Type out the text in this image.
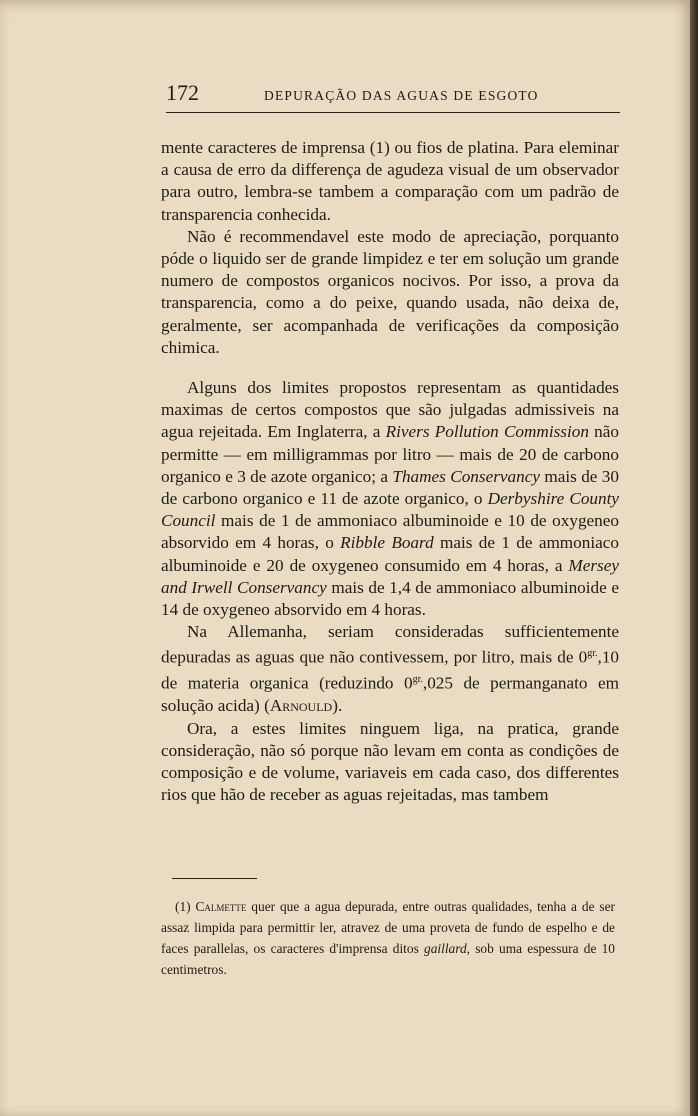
172	DEPURAÇÃO DAS AGUAS DE ESGOTO

mente caracteres de imprensa (1) ou fios de platina. Para eleminar a causa de erro da differença de agudeza visual de um observador para outro, lembra-se tambem a comparação com um padrão de transparencia conhecida.

Não é recommendavel este modo de apreciação, porquanto póde o liquido ser de grande limpidez e ter em solução um grande numero de compostos organicos nocivos. Por isso, a prova da transparencia, como a do peixe, quando usada, não deixa de, geralmente, ser acompanhada de verificações da composição chimica.

Alguns dos limites propostos representam as quantidades maximas de certos compostos que são julgadas admissiveis na agua rejeitada. Em Inglaterra, a Rivers Pollution Commission não permitte — em milligrammas por litro — mais de 20 de carbono organico e 3 de azote organico; a Thames Conservancy mais de 30 de carbono organico e 11 de azote organico, o Derbyshire County Council mais de 1 de ammoniaco albuminoide e 10 de oxygeneo absorvido em 4 horas, o Ribble Board mais de 1 de ammoniaco albuminoide e 20 de oxygeneo consumido em 4 horas, a Mersey and Irwell Conservancy mais de 1,4 de ammoniaco albuminoide e 14 de oxygeneo absorvido em 4 horas.

Na Allemanha, seriam consideradas sufficientemente depuradas as aguas que não contivessem, por litro, mais de $0^{gr.},10$ de materia organica (reduzindo $0^{gr.},025$ de permanganato em solução acida) (Arnould).

Ora, a estes limites ninguem liga, na pratica, grande consideração, não só porque não levam em conta as condições de composição e de volume, variaveis em cada caso, dos differentes rios que hão de receber as aguas rejeitadas, mas tambem

(1) Calmette quer que a agua depurada, entre outras qualidades, tenha a de ser assaz limpida para permittir ler, atravez de uma proveta de fundo de espelho e de faces parallelas, os caracteres d'imprensa ditos gaillard, sob uma espessura de 10 centimetros.
